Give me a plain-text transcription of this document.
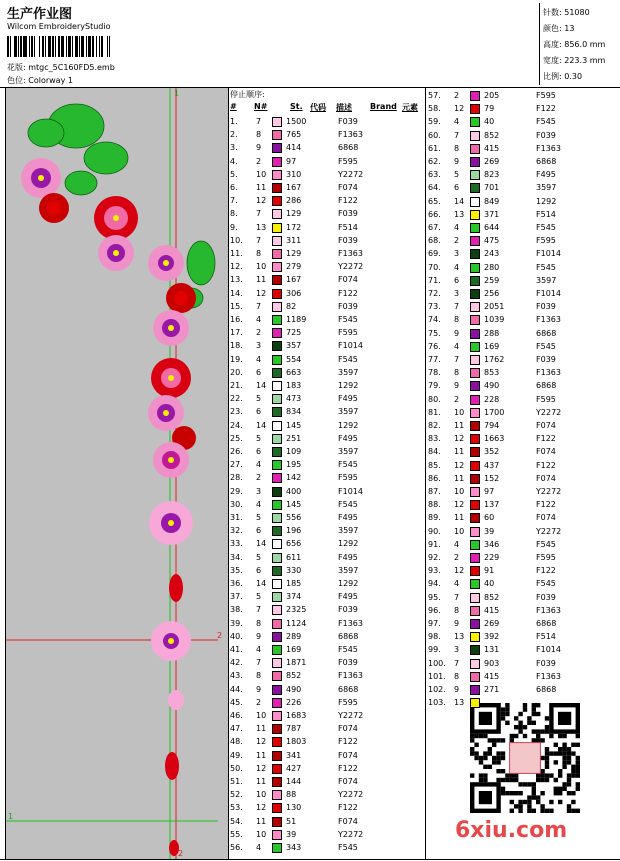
生产作业图
Wilcom EmbroideryStudio
花版: mtgc_5C160FD5.emb
色位: Colorway 1
针数: 51080
颜色: 13
高度: 856.0 mm
宽度: 223.3 mm
比例: 0.30
1
2
1
2
6xiu.com
停止顺序:
# N#	St. 代码 描述 Brand 元素
1. 7	1500	F039
2. 8	765	F1363
3. 9	414	6868
4. 2	97	F595
5. 10 310	Y2272
6. 11 167	F074
7. 12 286	F122
8. 7	129	F039
9. 13 172	F514
10. 7	311	F039
11. 8	129	F1363
12. 10 279	Y2272
13. 11 167	F074
14. 12 306	F122
15. 7	82	F039
16. 4	1189	F545
17. 2	725	F595
18. 3	357	F1014
19. 4	554	F545
20. 6	663	3597
21. 14 183	1292
22. 5	473	F495
23. 6	834	3597
24. 14 145	1292
25. 5	251	F495
26. 6	109	3597
27. 4	195	F545
28. 2	142	F595
29. 3	400	F1014
30. 4	145	F545
31. 5	556	F495
32. 6	196	3597
33. 14 656	1292
34. 5	611	F495
35. 6	330	3597
36. 14 185	1292
37. 5	374	F495
38. 7	2325	F039
39. 8	1124	F1363
40. 9	289	6868
41. 4	169	F545
42. 7	1871	F039
43. 8	852	F1363
44. 9	490	6868
45. 2	226	F595
46. 10 1683	Y2272
47. 11 787	F074
48. 12 1803	F122
49. 11 341	F074
50. 12 427	F122
51. 11 144	F074
52. 10 88	Y2272
53. 12 130	F122
54. 11 51	F074
55. 10 39	Y2272
56. 4	343	F545
57. 2	205	F595
58. 12 79	F122
59. 4	40	F545
60. 7	852	F039
61. 8	415	F1363
62. 9	269	6868
63. 5	823	F495
64. 6	701	3597
65. 14 849	1292
66. 13 371	F514
67. 4	644	F545
68. 2	475	F595
69. 3	243	F1014
70. 4	280	F545
71. 6	259	3597
72. 3	256	F1014
73. 7	2051	F039
74. 8	1039	F1363
75. 9	288	6868
76. 4	169	F545
77. 7	1762	F039
78. 8	853	F1363
79. 9	490	6868
80. 2	228	F595
81. 10 1700	Y2272
82. 11 794	F074
83. 12 1663	F122
84. 11 352	F074
85. 12 437	F122
86. 11 152	F074
87. 10 97	Y2272
88. 12 137	F122
89. 11 60	F074
90. 10 39	Y2272
91. 4	346	F545
92. 2	229	F595
93. 12 91	F122
94. 4	40	F545
95. 7	852	F039
96. 8	415	F1363
97. 9	269	6868
98. 13 392	F514
99. 3	131	F1014
100. 7	903	F039
101. 8	415	F1363
102. 9	271	6868
103. 13
